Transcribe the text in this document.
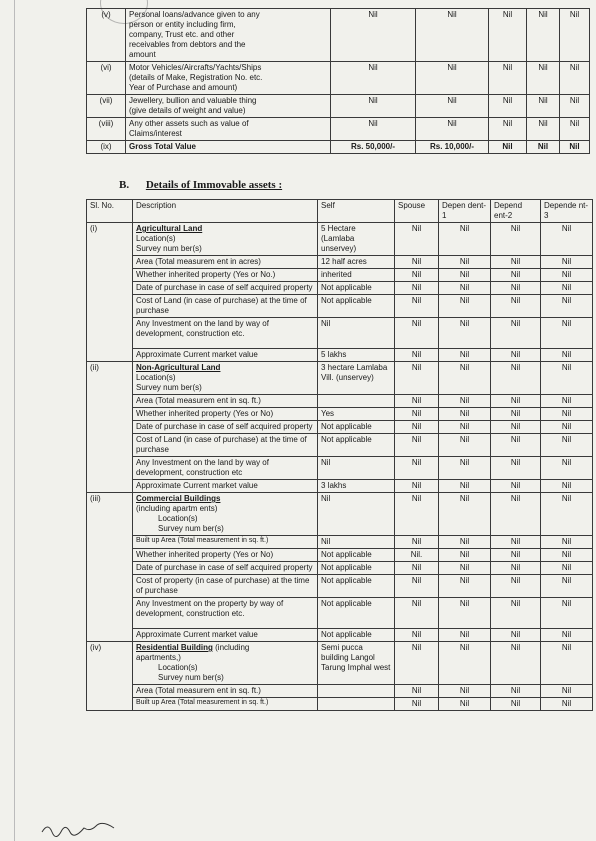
(v)	Personal loans/advance given to any
person or entity including firm,
company, Trust etc. and other
receivables from debtors and the
amount	Nil	Nil	Nil	Nil	Nil
(vi)	Motor Vehicles/Aircrafts/Yachts/Ships
(details of Make, Registration No. etc.
Year of Purchase and amount)	Nil	Nil	Nil	Nil	Nil
(vii)	Jewellery, bullion and valuable thing
(give details of weight and value)	Nil	Nil	Nil	Nil	Nil
(viii)	Any other assets such as value of
Claims/interest	Nil	Nil	Nil	Nil	Nil
(ix)	Gross Total Value	Rs. 50,000/-	Rs. 10,000/-	Nil	Nil	Nil
B. Details of Immovable assets :
Sl. No.	Description	Self	Spouse	Depen dent- 1	Depend ent-2	Depende nt-3
(i)	Agricultural Land
Location(s)
Survey num ber(s)	5 Hectare (Lamlaba unservey)	Nil	Nil	Nil	Nil
	Area (Total measurem ent in acres)	12 half acres	Nil	Nil	Nil	Nil
	Whether inherited property (Yes or No.)	inherited	Nil	Nil	Nil	Nil
	Date of purchase in case of self acquired property	Not applicable	Nil	Nil	Nil	Nil
	Cost of Land (in case of purchase) at the time of purchase	Not applicable	Nil	Nil	Nil	Nil
	Any Investment on the land by way of development, construction etc.	Nil	Nil	Nil	Nil	Nil
	Approximate Current market value	5 lakhs	Nil	Nil	Nil	Nil
(ii)	Non-Agricultural Land
Location(s)
Survey num ber(s)	3 hectare Lamlaba Vill. (unservey)	Nil	Nil	Nil	Nil
	Area (Total measurem ent in sq. ft.)		Nil	Nil	Nil	Nil
	Whether inherited property (Yes or No)	Yes	Nil	Nil	Nil	Nil
	Date of purchase in case of self acquired property	Not applicable	Nil	Nil	Nil	Nil
	Cost of Land (in case of purchase) at the time of purchase	Not applicable	Nil	Nil	Nil	Nil
	Any Investment on the land by way of development, construction etc	Nil	Nil	Nil	Nil	Nil
	Approximate Current market value	3 lakhs	Nil	Nil	Nil	Nil
(iii)	Commercial Buildings
(including apartm ents)
Location(s)
Survey num ber(s)	Nil	Nil	Nil	Nil	Nil
	Built up Area (Total measurement in sq. ft.)	Nil	Nil	Nil	Nil	Nil
	Whether inherited property (Yes or No)	Not applicable	Nil.	Nil	Nil	Nil
	Date of purchase in case of self acquired property	Not applicable	Nil	Nil	Nil	Nil
	Cost of property (in case of purchase) at the time of purchase	Not applicable	Nil	Nil	Nil	Nil
	Any Investment on the property by way of development, construction etc.	Not applicable	Nil	Nil	Nil	Nil
	Approximate Current market value	Not applicable	Nil	Nil	Nil	Nil
(iv)	Residential Building (including
apartments,)
Location(s)
Survey num ber(s)	Semi pucca building Langol Tarung Imphal west	Nil	Nil	Nil	Nil
	Area (Total measurem ent in sq. ft.)		Nil	Nil	Nil	Nil
	Built up Area (Total measurement in sq. ft.)		Nil	Nil	Nil	Nil
